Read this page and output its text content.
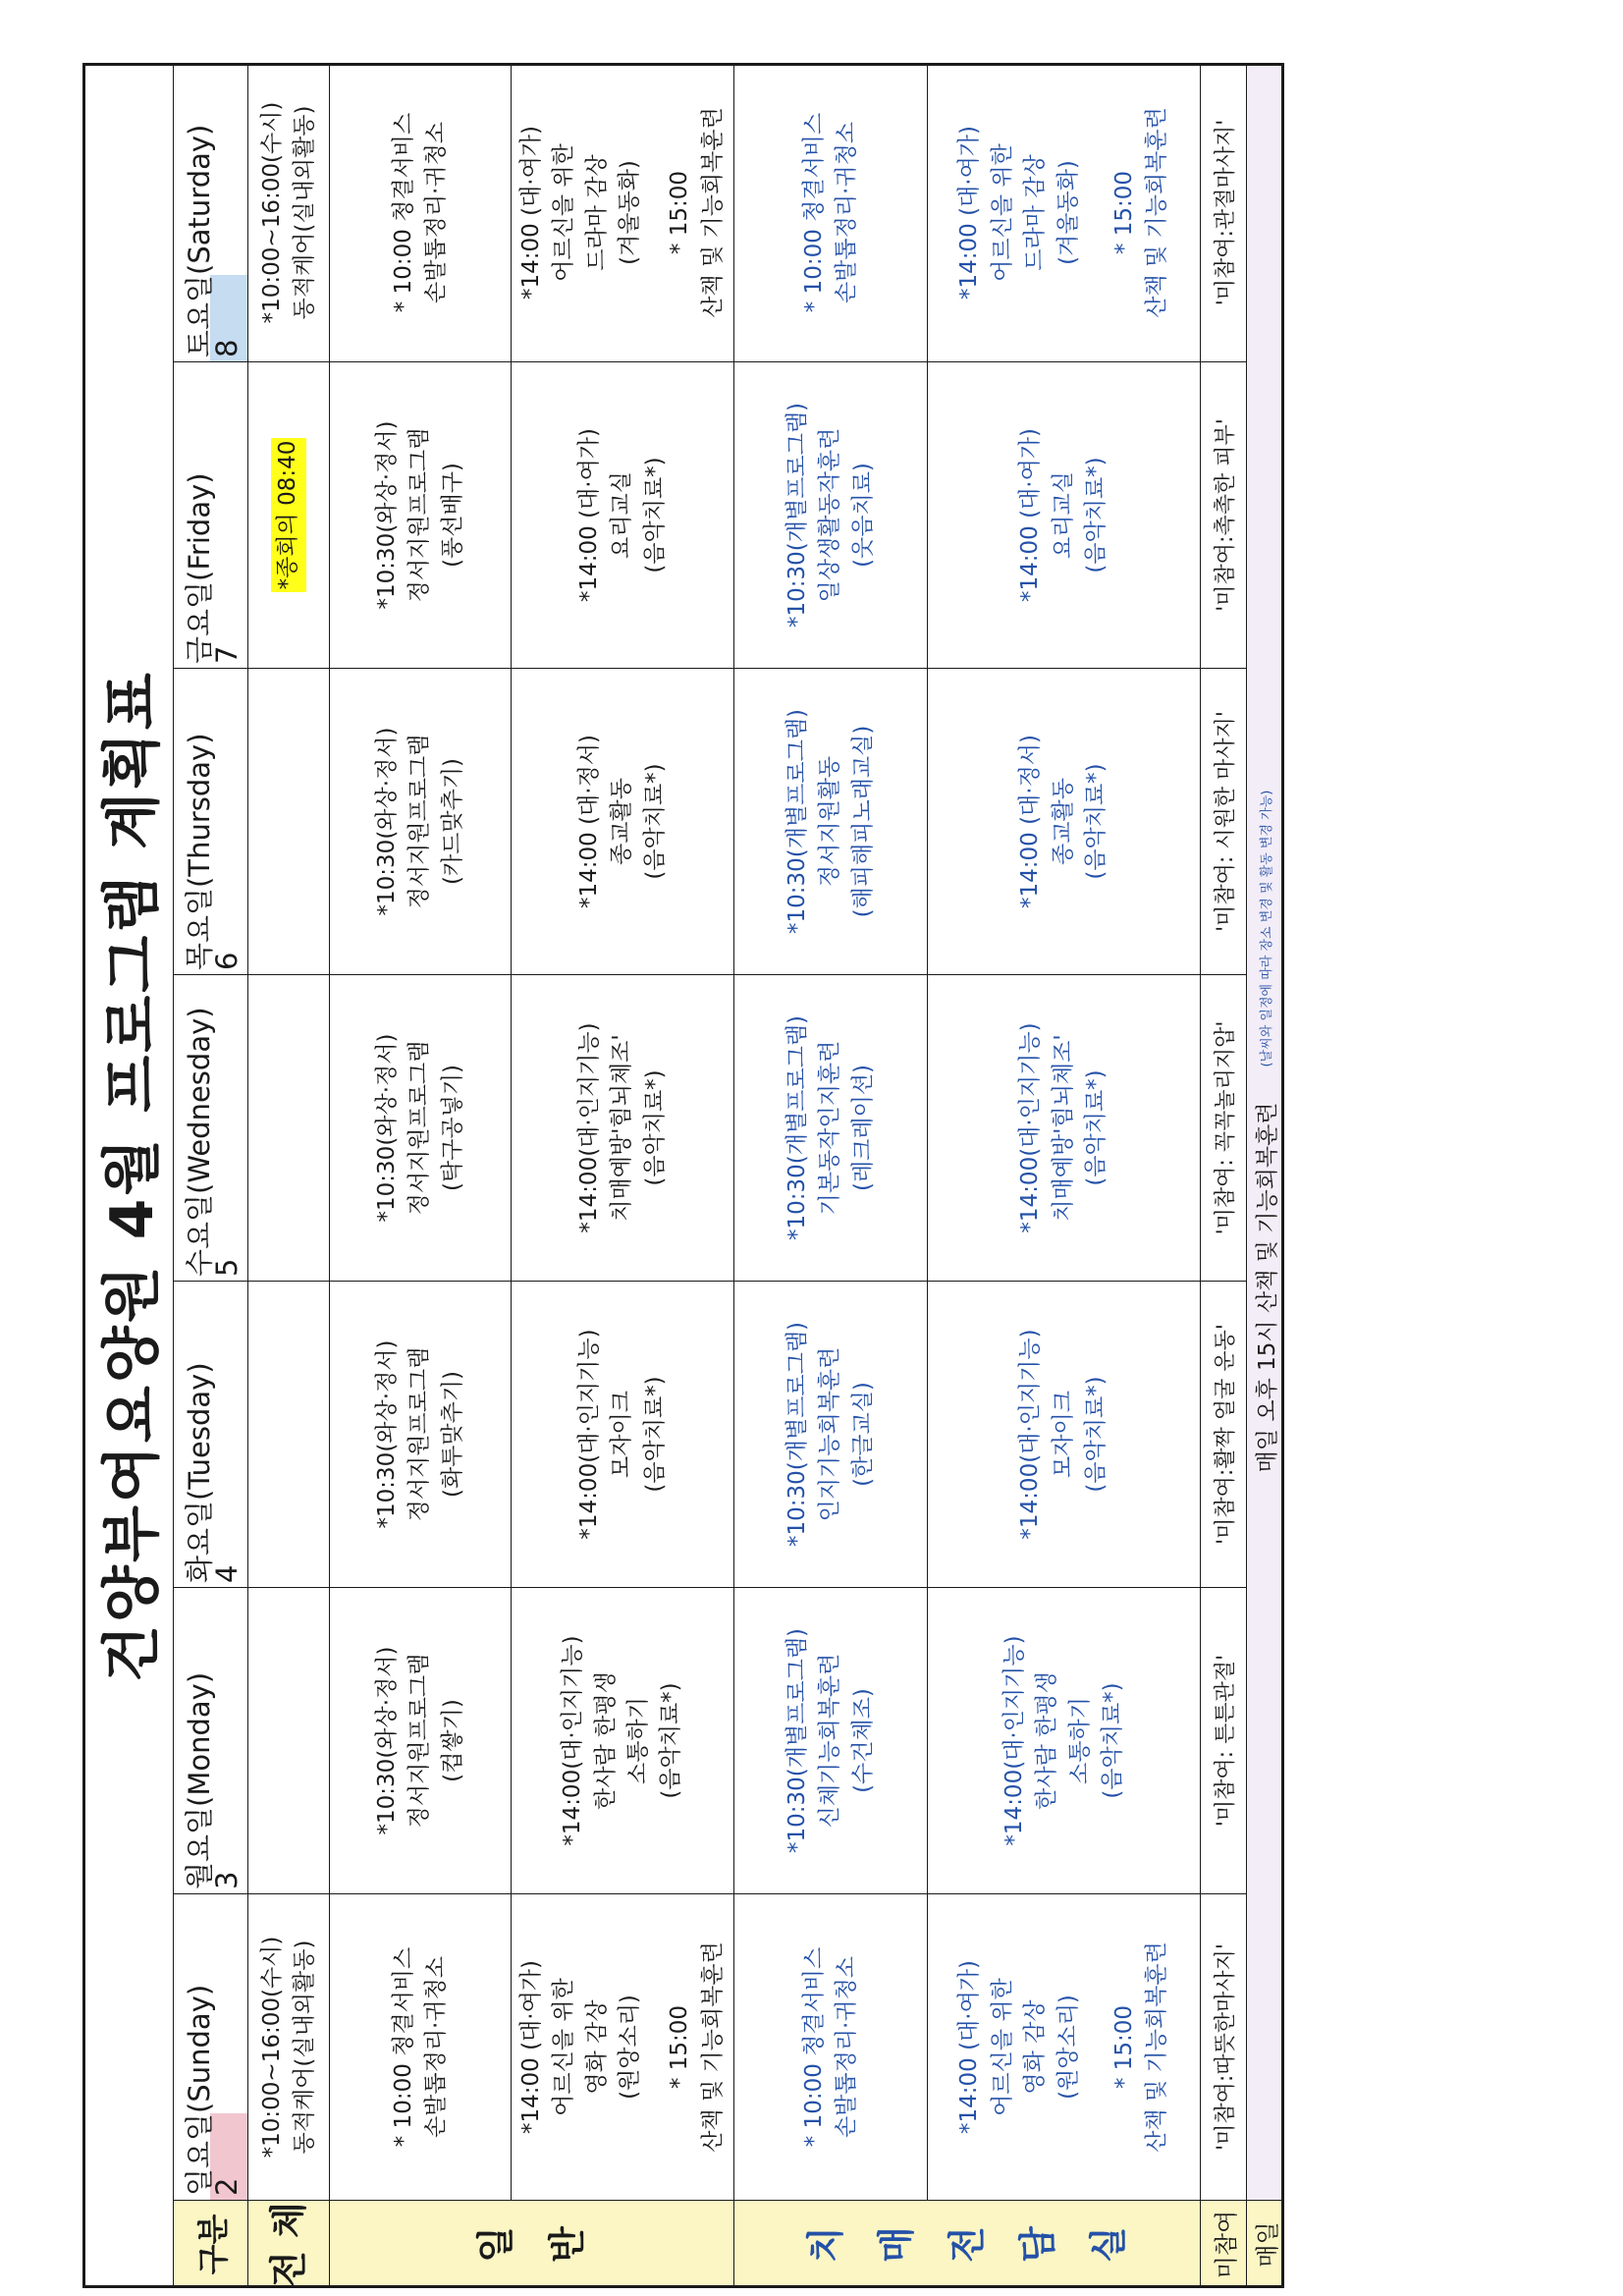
건양부여요양원 4월 프로그램 계획표
구분
일요일(Sunday)
2
월요일(Monday)
3
화요일(Tuesday)
4
수요일(Wednesday)
5
목요일(Thursday)
6
금요일(Friday)
7
토요일(Saturday)
8
전 체
*10:00~16:00(수시) 동적케어(실내외활동)
*종회의 08:40
*10:00~16:00(수시) 동적케어(실내외활동)
일 반
* 10:00 청결서비스 손발톱정리·귀청소
*10:30(와상·정서) 정서지원프로그램 (컵쌓기)
*10:30(와상·정서) 정서지원프로그램 (화투맞추기)
*10:30(와상·정서) 정서지원프로그램 (탁구공넣기)
*10:30(와상·정서) 정서지원프로그램 (카드맞추기)
*10:30(와상·정서) 정서지원프로그램 (풍선배구)
* 10:00 청결서비스 손발톱정리·귀청소
*14:00 (대·여가) 어르신을 위한 영화 감상 (원앙소리) * 15:00 산책 및 기능회복훈련
*14:00(대·인지기능) 한사람 한평생 소통하기 (음악치료*)
*14:00(대·인지기능) 모자이크 (음악치료*)
*14:00(대·인지기능) 치매예방'힘뇌체조' (음악치료*)
*14:00 (대·정서) 종교활동 (음악치료*)
*14:00 (대·여가) 요리교실 (음악치료*)
*14:00 (대·여가) 어르신을 위한 드라마 감상 (겨울동화) * 15:00 산책 및 기능회복훈련
치 매 전 담 실
* 10:00 청결서비스 손발톱정리·귀청소
*10:30(개별프로그램) 신체기능회복훈련 (수건체조)
*10:30(개별프로그램) 인지기능회복훈련 (한글교실)
*10:30(개별프로그램) 기본동작인지훈련 (레크레이션)
*10:30(개별프로그램) 정서지원활동 (해피해피노래교실)
*10:30(개별프로그램) 일상생활동작훈련 (웃음치료)
* 10:00 청결서비스 손발톱정리·귀청소
*14:00 (대·여가) 어르신을 위한 영화 감상 (원앙소리) * 15:00 산책 및 기능회복훈련
*14:00(대·인지기능) 한사람 한평생 소통하기 (음악치료*)
*14:00(대·인지기능) 모자이크 (음악치료*)
*14:00(대·인지기능) 치매예방'힘뇌체조' (음악치료*)
*14:00 (대·정서) 종교활동 (음악치료*)
*14:00 (대·여가) 요리교실 (음악치료*)
*14:00 (대·여가) 어르신을 위한 드라마 감상 (겨울동화) * 15:00 산책 및 기능회복훈련
미참여
'미참여:따뜻한마사지'
'미참여: 튼튼관절'
'미참여:활짝 얼굴 운동'
'미참여: 꼭꼭놀리지압'
'미참여: 시원한 마사지'
'미참여:촉촉한 피부'
'미참여:관절마사지'
매일
매일 오후 15시 산책 및 기능회복훈련
(날씨와 일정에 따라 장소 변경 및 활동 변경 가능)
